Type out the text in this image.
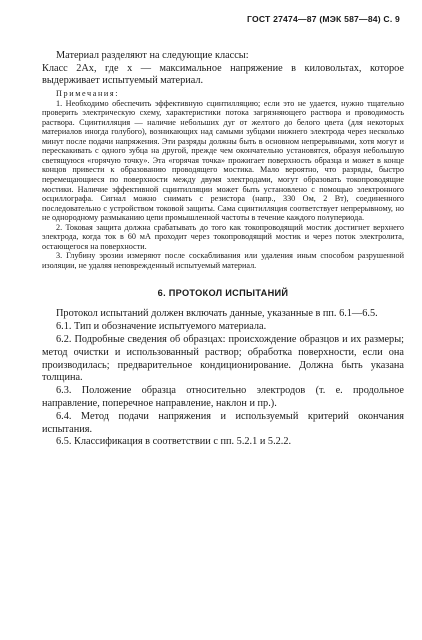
ГОСТ 27474—87 (МЭК 587—84) С. 9

Материал разделяют на следующие классы:

Класс 2Ах, где х — максимальное напряжение в киловольтах, которое выдерживает испытуемый материал.

Примечания:

1. Необходимо обеспечить эффективную сцинтилляцию; если это не удается, нужно тщательно проверить электрическую схему, характеристики потока загрязняющего раствора и проводимость раствора. Сцинтилляция — наличие небольших дуг от желтого до белого цвета (для некоторых материалов иногда голубого), возникающих над самыми зубцами нижнего электрода через несколько минут после подачи напряжения. Эти разряды должны быть в основном непрерывными, хотя могут и перескакивать с одного зубца на другой, прежде чем окончательно установятся, образуя небольшую светящуюся «горячую точку». Эта «горячая точка» прожигает поверхность образца и может в конце концов привести к образованию проводящего мостика. Мало вероятно, что разряды, быстро перемещающиеся по поверхности между двумя электродами, могут образовать токопроводящие мостики. Наличие эффективной сцинтилляции может быть установлено с помощью электронного осциллографа. Сигнал можно снимать с резистора (напр., 330 Ом, 2 Вт), соединенного последовательно с устройством токовой защиты. Сама сцинтилляция соответствует непрерывному, но не однородному размыканию цепи промышленной частоты в течение каждого полупериода.

2. Токовая защита должна срабатывать до того как токопроводящий мостик достигнет верхнего электрода, когда ток в 60 мА проходит через токопроводящий мостик и через поток электролита, остающегося на поверхности.

3. Глубину эрозии измеряют после соскабливания или удаления иным способом разрушенной изоляции, не удаляя неповрежденный испытуемый материал.

6. ПРОТОКОЛ ИСПЫТАНИЙ

Протокол испытаний должен включать данные, указанные в пп. 6.1—6.5.

6.1. Тип и обозначение испытуемого материала.

6.2. Подробные сведения об образцах: происхождение образцов и их размеры; метод очистки и использованный раствор; обработка поверхности, если она производилась; предварительное кондиционирование. Должна быть указана толщина.

6.3. Положение образца относительно электродов (т. е. продольное направление, поперечное направление, наклон и пр.).

6.4. Метод подачи напряжения и используемый критерий окончания испытания.

6.5. Классификация в соответствии с пп. 5.2.1 и 5.2.2.
